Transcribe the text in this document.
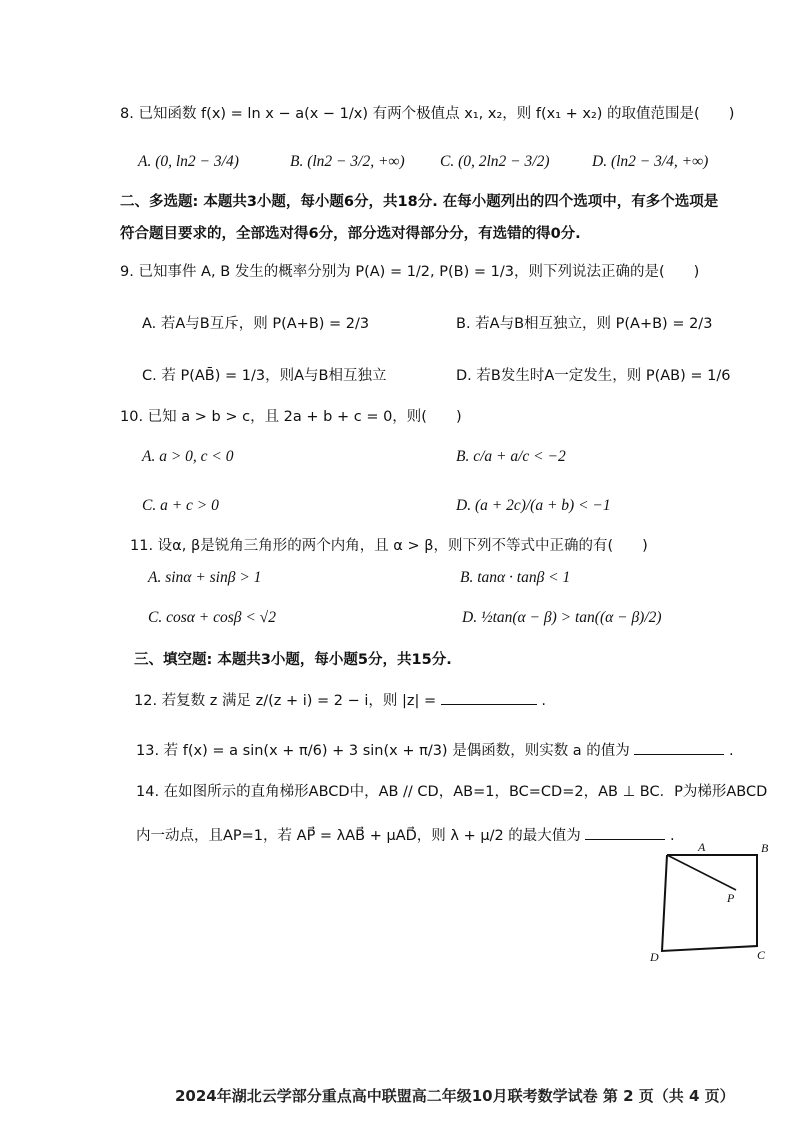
8. 已知函数 f(x) = ln x − a(x − 1/x) 有两个极值点 x₁, x₂，则 f(x₁ + x₂) 的取值范围是(　　)
A. (0, ln2 − 3/4)	B. (ln2 − 3/2, +∞) C. (0, 2ln2 − 3/2)	D. (ln2 − 3/4, +∞)
二、多选题: 本题共3小题，每小题6分，共18分. 在每小题列出的四个选项中，有多个选项是
符合题目要求的，全部选对得6分，部分选对得部分分，有选错的得0分.
9. 已知事件 A, B 发生的概率分别为 P(A) = 1/2, P(B) = 1/3，则下列说法正确的是(　　)
A. 若A与B互斥，则 P(A+B) = 2/3	B. 若A与B相互独立，则 P(A+B) = 2/3
C. 若 P(AB̄) = 1/3，则A与B相互独立	D. 若B发生时A一定发生，则 P(AB) = 1/6
10. 已知 a > b > c，且 2a + b + c = 0，则(　　)
A. a > 0, c < 0	B. c/a + a/c < −2
C. a + c > 0	D. (a + 2c)/(a + b) < −1
11. 设α, β是锐角三角形的两个内角，且 α > β，则下列不等式中正确的有(　　)
A. sinα + sinβ > 1	B. tanα · tanβ < 1
C. cosα + cosβ < √2	D. ½tan(α − β) > tan((α − β)/2)
三、填空题: 本题共3小题，每小题5分，共15分.
12. 若复数 z 满足 z/(z + i) = 2 − i，则 |z| =	.
13. 若 f(x) = a sin(x + π/6) + 3 sin(x + π/3) 是偶函数，则实数 a 的值为	.
14. 在如图所示的直角梯形ABCD中，AB // CD，AB=1，BC=CD=2，AB ⊥ BC．P为梯形ABCD
内一动点，且AP=1，若 AP⃗ = λAB⃗ + μAD⃗，则 λ + μ/2 的最大值为	.
A	B
C
D
P
2024年湖北云学部分重点高中联盟高二年级10月联考数学试卷 第 2 页（共 4 页）
